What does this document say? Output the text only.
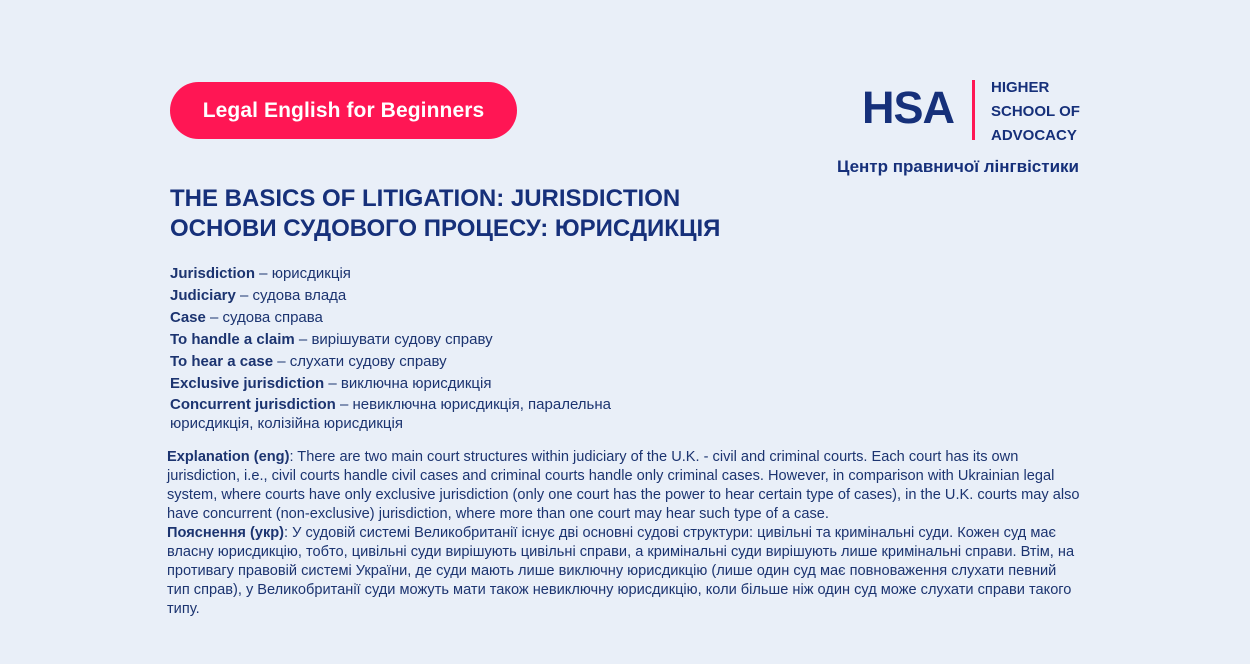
Legal English for Beginners	HSA HIGHER
SCHOOL OF
ADVOCACY
Центр правничої лінгвістики
THE BASICS OF LITIGATION: JURISDICTION
ОСНОВИ СУДОВОГО ПРОЦЕСУ: ЮРИСДИКЦІЯ
Jurisdiction – юрисдикція
Judiciary – судова влада
Case – судова справа
To handle a claim – вирішувати судову справу
To hear a case – слухати судову справу
Exclusive jurisdiction – виключна юрисдикція
Concurrent jurisdiction – невиключна юрисдикція, паралельна юрисдикція, колізійна юрисдикція

Explanation (eng): There are two main court structures within judiciary of the U.K. - civil and criminal courts. Each court has its own jurisdiction, i.e., civil courts handle civil cases and criminal courts handle only criminal cases. However, in comparison with Ukrainian legal system, where courts have only exclusive jurisdiction (only one court has the power to hear certain type of cases), in the U.K. courts may also have concurrent (non-exclusive) jurisdiction, where more than one court may hear such type of a case.

Пояснення (укр): У судовій системі Великобританії існує дві основні судові структури: цивільні та кримінальні суди. Кожен суд має власну юрисдикцію, тобто, цивільні суди вирішують цивільні справи, а кримінальні суди вирішують лише кримінальні справи. Втім, на противагу правовій системі України, де суди мають лише виключну юрисдикцію (лише один суд має повноваження слухати певний тип справ), у Великобританії суди можуть мати також невиключну юрисдикцію, коли більше ніж один суд може слухати справи такого типу.
